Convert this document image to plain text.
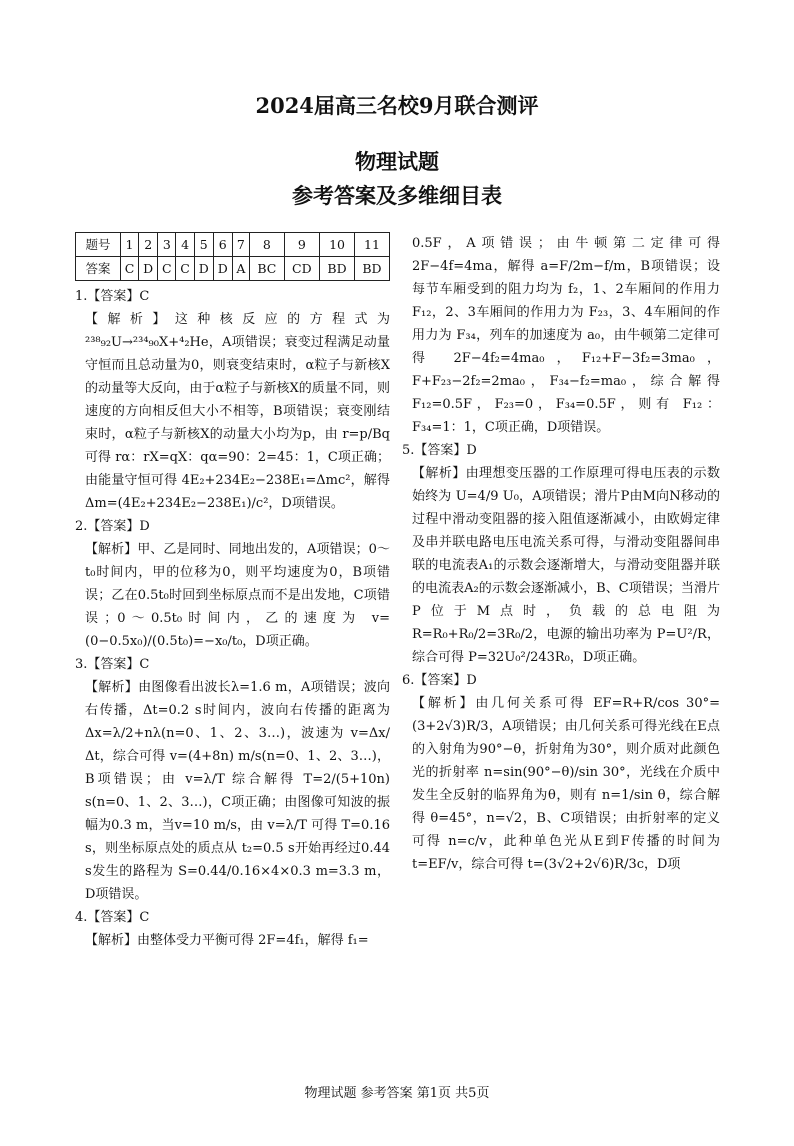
2024届高三名校9月联合测评
物理试题
参考答案及多维细目表
题号	1	2	3	4	5	6	7	8	9	10	11
答案	C	D	C	C	D	D	A	BC	CD	BD	BD

1.【答案】C

【解析】这种核反应的方程式为²³⁸₉₂U→²³⁴₉₀X+⁴₂He，A项错误；衰变过程满足动量守恒而且总动量为0，则衰变结束时，α粒子与新核X的动量等大反向，由于α粒子与新核X的质量不同，则速度的方向相反但大小不相等，B项错误；衰变刚结束时，α粒子与新核X的动量大小均为p，由 r=p/Bq 可得 rα：rX=qX：qα=90：2=45：1，C项正确；由能量守恒可得 4E₂+234E₂−238E₁=Δmc²，解得 Δm=(4E₂+234E₂−238E₁)/c²，D项错误。

2.【答案】D

【解析】甲、乙是同时、同地出发的，A项错误；0～t₀时间内，甲的位移为0，则平均速度为0，B项错误；乙在0.5t₀时回到坐标原点而不是出发地，C项错误；0～0.5t₀时间内，乙的速度为 v=(0−0.5x₀)/(0.5t₀)=−x₀/t₀，D项正确。

3.【答案】C

【解析】由图像看出波长λ=1.6 m，A项错误；波向右传播，Δt=0.2 s时间内，波向右传播的距离为 Δx=λ/2+nλ(n=0、1、2、3…)，波速为 v=Δx/Δt，综合可得 v=(4+8n) m/s(n=0、1、2、3…)，B项错误；由 v=λ/T 综合解得 T=2/(5+10n) s(n=0、1、2、3…)，C项正确；由图像可知波的振幅为0.3 m，当v=10 m/s，由 v=λ/T 可得 T=0.16 s，则坐标原点处的质点从 t₂=0.5 s开始再经过0.44 s发生的路程为 S=0.44/0.16×4×0.3 m=3.3 m，D项错误。

4.【答案】C

【解析】由整体受力平衡可得 2F=4f₁，解得 f₁=

0.5F，A项错误；由牛顿第二定律可得 2F−4f=4ma，解得 a=F/2m−f/m，B项错误；设每节车厢受到的阻力均为 f₂，1、2车厢间的作用力 F₁₂，2、3车厢间的作用力为 F₂₃，3、4车厢间的作用力为 F₃₄，列车的加速度为 a₀，由牛顿第二定律可得 2F−4f₂=4ma₀，F₁₂+F−3f₂=3ma₀，F+F₂₃−2f₂=2ma₀，F₃₄−f₂=ma₀，综合解得 F₁₂=0.5F，F₂₃=0，F₃₄=0.5F，则有 F₁₂：F₃₄=1：1，C项正确，D项错误。

5.【答案】D

【解析】由理想变压器的工作原理可得电压表的示数始终为 U=4/9 U₀，A项错误；滑片P由M向N移动的过程中滑动变阻器的接入阻值逐渐减小，由欧姆定律及串并联电路电压电流关系可得，与滑动变阻器间串联的电流表A₁的示数会逐渐增大，与滑动变阻器并联的电流表A₂的示数会逐渐减小，B、C项错误；当滑片P位于M点时，负载的总电阻为 R=R₀+R₀/2=3R₀/2，电源的输出功率为 P=U²/R，综合可得 P=32U₀²/243R₀，D项正确。

6.【答案】D

【解析】由几何关系可得 EF=R+R/cos 30°=(3+2√3)R/3，A项错误；由几何关系可得光线在E点的入射角为90°−θ，折射角为30°，则介质对此颜色光的折射率 n=sin(90°−θ)/sin 30°，光线在介质中发生全反射的临界角为θ，则有 n=1/sin θ，综合解得 θ=45°，n=√2，B、C项错误；由折射率的定义可得 n=c/v，此种单色光从E到F传播的时间为 t=EF/v，综合可得 t=(3√2+2√6)R/3c，D项

物理试题 参考答案 第1页 共5页
